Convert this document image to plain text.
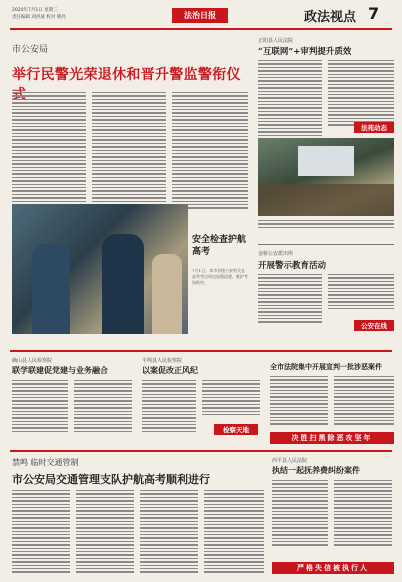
2020年7月1日 星期三
责任编辑 刘洪波 校对 晓亮	法治日报	政法视点 7
市公安局
举行民警光荣退休和晋升警监警衔仪
安全检查护航高考
7月1日，本市各级公安机关在高考考点周边加强巡逻，维护考场秩序。
正阳县人民法院
“互联网”+审判提升质效
法苑动态
金桥公安派出所
开展警示教育活动
公安在线
确山县人民检察院
联学联建促党建与业务融合
平舆县人民检察院
以案促改正风纪
检察天地
全市法院集中开展宣判一批涉恶案件
决胜扫黑除恶攻坚年
禁鸣 临时交通管制
市公安局交通管理支队护航高考顺利进行
西平县人民法院
执结一起抚养费纠纷案件
严格失信被执行人
